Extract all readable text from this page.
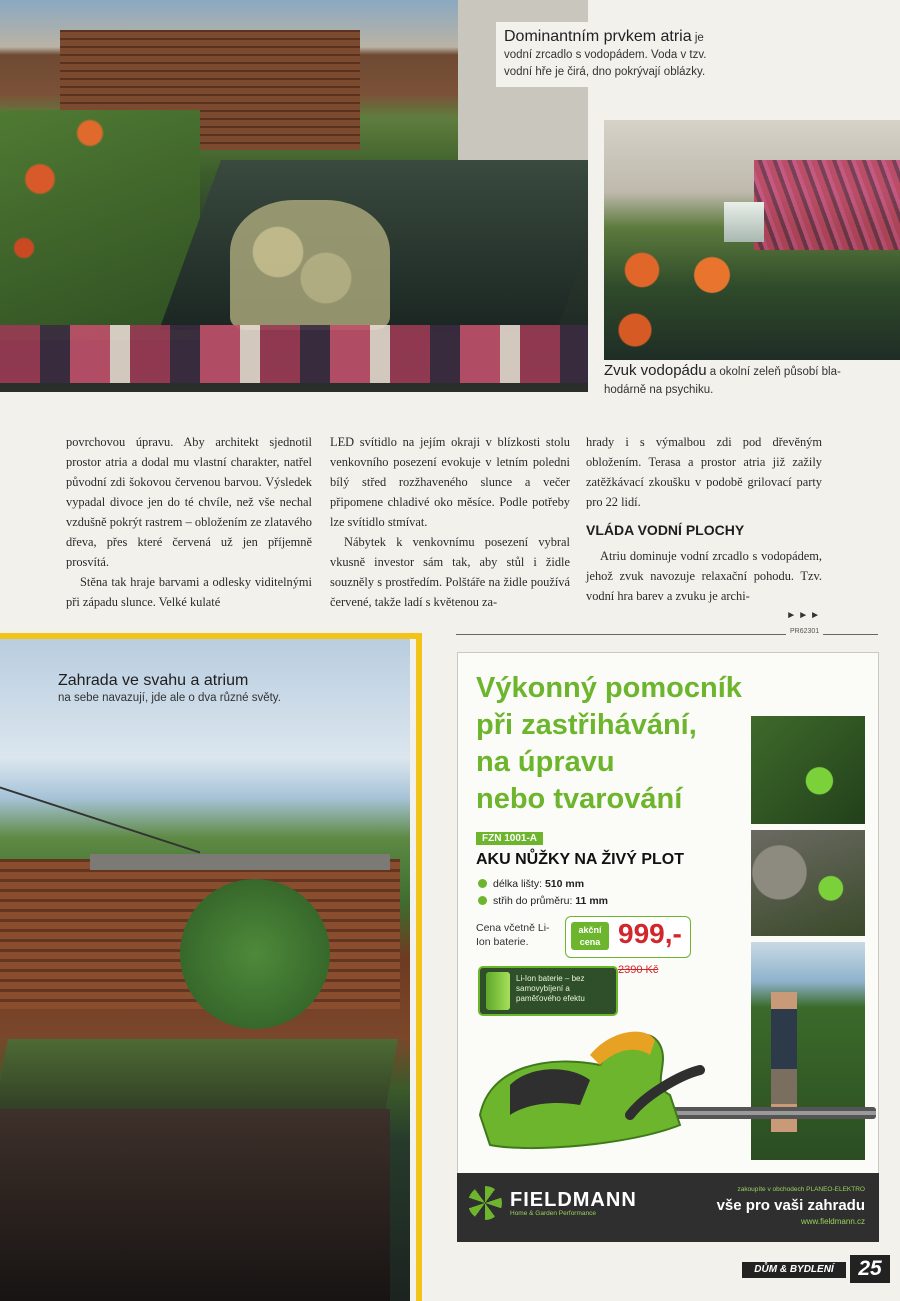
Dominantním prvkem atria je
vodní zrcadlo s vodopádem. Voda v tzv.
vodní hře je čirá, dno pokrývají oblázky.
Zvuk vodopádu a okolní zeleň působí bla-
hodárně na psychiku.

povrchovou úpravu. Aby architekt sjednotil prostor atria a dodal mu vlastní charakter, natřel původní zdi šokovou červenou barvou. Výsledek vypadal divoce jen do té chvíle, než vše nechal vzdušně pokrýt rastrem – obložením ze zlatavého dřeva, přes které červená už jen příjemně prosvítá.

Stěna tak hraje barvami a odlesky viditelnými při západu slunce. Velké kulaté

LED svítidlo na jejím okraji v blízkosti stolu venkovního posezení evokuje v letním poledni bílý střed rozžhaveného slunce a večer připomene chladivé oko měsíce. Podle potřeby lze svítidlo stmívat.

Nábytek k venkovnímu posezení vybral vkusně investor sám tak, aby stůl i židle souzněly s prostředím. Polštáře na židle používá červené, takže ladí s květenou za-

hrady i s výmalbou zdi pod dřevěným obložením. Terasa a prostor atria již zažily zatěžkávací zkoušku v podobě grilovací party pro 22 lidí.

VLÁDA VODNÍ PLOCHY

Atriu dominuje vodní zrcadlo s vodopádem, jehož zvuk navozuje relaxační pohodu. Tzv. vodní hra barev a zvuku je archi-

►►►
Zahrada ve svahu a atrium
na sebe navazují, jde ale o dva různé světy.
PR62301
Výkonný pomocník
při zastřihávání,
na úpravu
nebo tvarování
FZN 1001-A
AKU NŮŽKY NA ŽIVÝ PLOT
délka lišty: 510 mm
střih do průměru: 11 mm
Cena včetně Li-Ion baterie.
akční cena 999,-
2390 Kč
Li-Ion baterie – bez samovybíjení a paměťového efektu
FIELDMANN
Home & Garden Performance
zakoupíte v obchodech PLANEO-ELEKTRO
vše pro vaši zahradu
www.fieldmann.cz
DŮM & BYDLENÍ	25
